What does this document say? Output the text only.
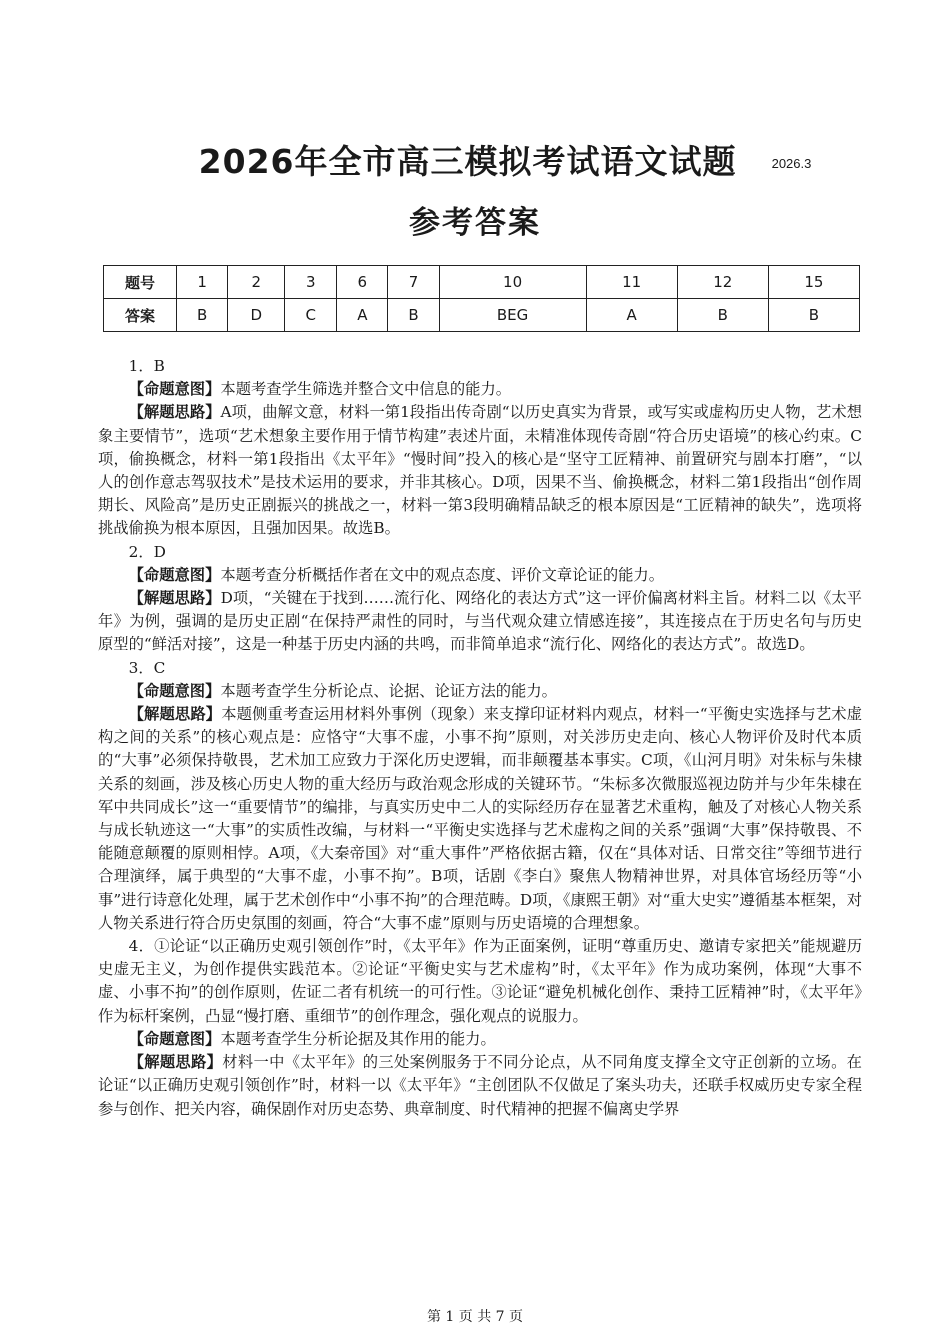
2026年全市高三模拟考试语文试题	$^{2026.3}$
参考答案
题号	1	2	3	6	7	10	11	12	15
答案	B	D	C	A	B	BEG	A	B	B
1．B

【命题意图】本题考查学生筛选并整合文中信息的能力。

【解题思路】A项，曲解文意，材料一第1段指出传奇剧“以历史真实为背景，或写实或虚构历史人物，艺术想象主要情节”，选项“艺术想象主要作用于情节构建”表述片面，未精准体现传奇剧“符合历史语境”的核心约束。C项，偷换概念，材料一第1段指出《太平年》“慢时间”投入的核心是“坚守工匠精神、前置研究与剧本打磨”，“以人的创作意志驾驭技术”是技术运用的要求，并非其核心。D项，因果不当、偷换概念，材料二第1段指出“创作周期长、风险高”是历史正剧振兴的挑战之一，材料一第3段明确精品缺乏的根本原因是“工匠精神的缺失”，选项将挑战偷换为根本原因，且强加因果。故选B。

2．D

【命题意图】本题考查分析概括作者在文中的观点态度、评价文章论证的能力。

【解题思路】D项，“关键在于找到……流行化、网络化的表达方式”这一评价偏离材料主旨。材料二以《太平年》为例，强调的是历史正剧“在保持严肃性的同时，与当代观众建立情感连接”，其连接点在于历史名句与历史原型的“鲜活对接”，这是一种基于历史内涵的共鸣，而非简单追求“流行化、网络化的表达方式”。故选D。

3．C

【命题意图】本题考查学生分析论点、论据、论证方法的能力。

【解题思路】本题侧重考查运用材料外事例（现象）来支撑印证材料内观点，材料一“平衡史实选择与艺术虚构之间的关系”的核心观点是：应恪守“大事不虚，小事不拘”原则，对关涉历史走向、核心人物评价及时代本质的“大事”必须保持敬畏，艺术加工应致力于深化历史逻辑，而非颠覆基本事实。C项，《山河月明》对朱标与朱棣关系的刻画，涉及核心历史人物的重大经历与政治观念形成的关键环节。“朱标多次微服巡视边防并与少年朱棣在军中共同成长”这一“重要情节”的编排，与真实历史中二人的实际经历存在显著艺术重构，触及了对核心人物关系与成长轨迹这一“大事”的实质性改编，与材料一“平衡史实选择与艺术虚构之间的关系”强调“大事”保持敬畏、不能随意颠覆的原则相悖。A项，《大秦帝国》对“重大事件”严格依据古籍，仅在“具体对话、日常交往”等细节进行合理演绎，属于典型的“大事不虚，小事不拘”。B项，话剧《李白》聚焦人物精神世界，对具体官场经历等“小事”进行诗意化处理，属于艺术创作中“小事不拘”的合理范畴。D项，《康熙王朝》对“重大史实”遵循基本框架，对人物关系进行符合历史氛围的刻画，符合“大事不虚”原则与历史语境的合理想象。

4．①论证“以正确历史观引领创作”时，《太平年》作为正面案例，证明“尊重历史、邀请专家把关”能规避历史虚无主义，为创作提供实践范本。②论证“平衡史实与艺术虚构”时，《太平年》作为成功案例，体现“大事不虚、小事不拘”的创作原则，佐证二者有机统一的可行性。③论证“避免机械化创作、秉持工匠精神”时，《太平年》作为标杆案例，凸显“慢打磨、重细节”的创作理念，强化观点的说服力。

【命题意图】本题考查学生分析论据及其作用的能力。

【解题思路】材料一中《太平年》的三处案例服务于不同分论点，从不同角度支撑全文守正创新的立场。在论证“以正确历史观引领创作”时，材料一以《太平年》“主创团队不仅做足了案头功夫，还联手权威历史专家全程参与创作、把关内容，确保剧作对历史态势、典章制度、时代精神的把握不偏离史学界

第 1 页 共 7 页
